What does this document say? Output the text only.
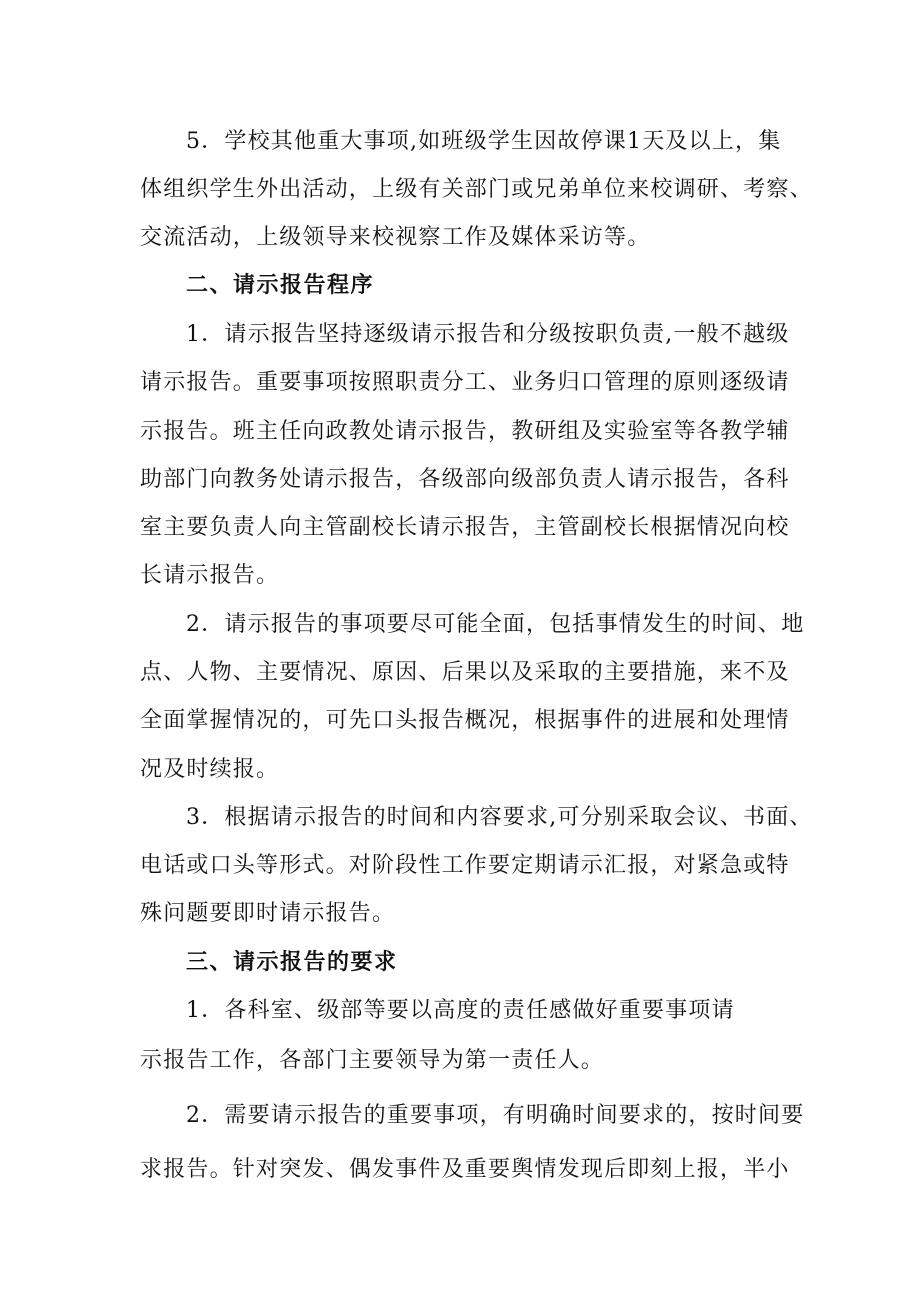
5．学校其他重大事项,如班级学生因故停课1天及以上，集
体组织学生外出活动，上级有关部门或兄弟单位来校调研、考察、
交流活动，上级领导来校视察工作及媒体采访等。
二、请示报告程序
1．请示报告坚持逐级请示报告和分级按职负责,一般不越级
请示报告。重要事项按照职责分工、业务归口管理的原则逐级请
示报告。班主任向政教处请示报告，教研组及实验室等各教学辅
助部门向教务处请示报告，各级部向级部负责人请示报告，各科
室主要负责人向主管副校长请示报告，主管副校长根据情况向校
长请示报告。
2．请示报告的事项要尽可能全面，包括事情发生的时间、地
点、人物、主要情况、原因、后果以及采取的主要措施，来不及
全面掌握情况的，可先口头报告概况，根据事件的进展和处理情
况及时续报。
3．根据请示报告的时间和内容要求,可分别采取会议、书面、
电话或口头等形式。对阶段性工作要定期请示汇报，对紧急或特
殊问题要即时请示报告。
三、请示报告的要求
1．各科室、级部等要以高度的责任感做好重要事项请
示报告工作，各部门主要领导为第一责任人。
2．需要请示报告的重要事项，有明确时间要求的，按时间要
求报告。针对突发、偶发事件及重要舆情发现后即刻上报，半小
